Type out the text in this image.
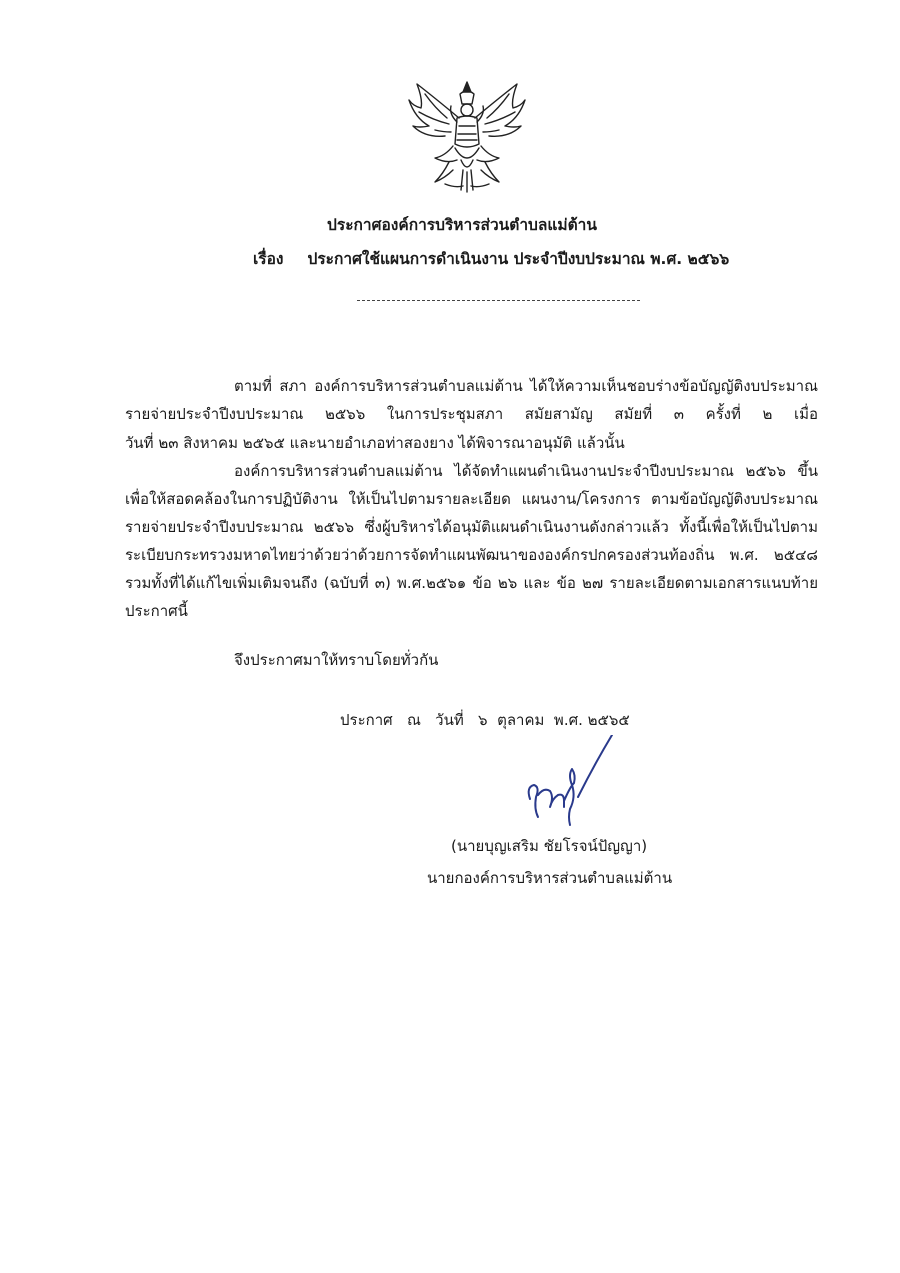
ประกาศองค์การบริหารส่วนตำบลแม่ต้าน
เรื่อง ประกาศใช้แผนการดำเนินงาน ประจำปีงบประมาณ พ.ศ. ๒๕๖๖
ตามที่ สภา องค์การบริหารส่วนตำบลแม่ต้าน ได้ให้ความเห็นชอบร่างข้อบัญญัติงบประมาณ
รายจ่ายประจำปีงบประมาณ ๒๕๖๖ ในการประชุมสภา สมัยสามัญ สมัยที่ ๓ ครั้งที่ ๒ เมื่อ
วันที่ ๒๓ สิงหาคม ๒๕๖๕ และนายอำเภอท่าสองยาง ได้พิจารณาอนุมัติ แล้วนั้น
องค์การบริหารส่วนตำบลแม่ต้าน ได้จัดทำแผนดำเนินงานประจำปีงบประมาณ ๒๕๖๖ ขึ้น
เพื่อให้สอดคล้องในการปฏิบัติงาน ให้เป็นไปตามรายละเอียด แผนงาน/โครงการ ตามข้อบัญญัติงบประมาณ
รายจ่ายประจำปีงบประมาณ ๒๕๖๖ ซึ่งผู้บริหารได้อนุมัติแผนดำเนินงานดังกล่าวแล้ว ทั้งนี้เพื่อให้เป็นไปตาม
ระเบียบกระทรวงมหาดไทยว่าด้วยว่าด้วยการจัดทำแผนพัฒนาขององค์กรปกครองส่วนท้องถิ่น พ.ศ. ๒๕๔๘
รวมทั้งที่ได้แก้ไขเพิ่มเติมจนถึง (ฉบับที่ ๓) พ.ศ.๒๕๖๑ ข้อ ๒๖ และ ข้อ ๒๗ รายละเอียดตามเอกสารแนบท้าย
ประกาศนี้
จึงประกาศมาให้ทราบโดยทั่วกัน
ประกาศ   ณ   วันที่   ๖  ตุลาคม  พ.ศ. ๒๕๖๕
(นายบุญเสริม ชัยโรจน์ปัญญา)
นายกองค์การบริหารส่วนตำบลแม่ต้าน
